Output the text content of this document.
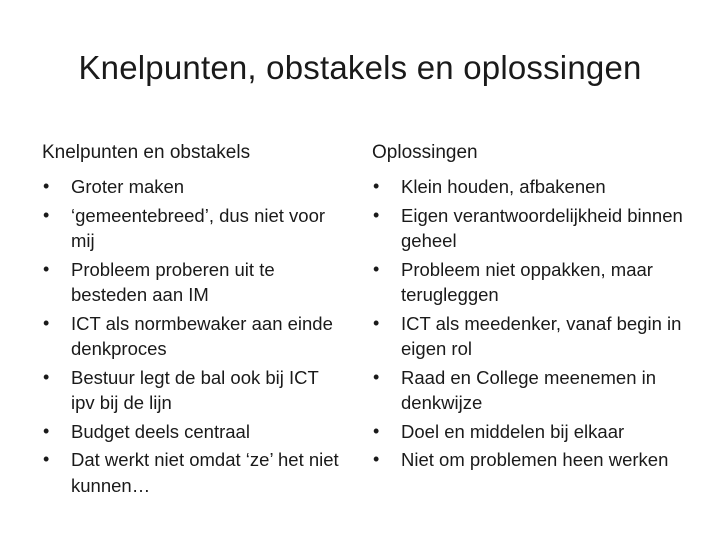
Knelpunten, obstakels en oplossingen
Knelpunten en obstakels
• Groter maken
• ‘gemeentebreed’, dus niet voor mij
• Probleem proberen uit te besteden aan IM
• ICT als normbewaker aan einde denkproces
• Bestuur legt de bal ook bij ICT ipv bij de lijn
• Budget deels centraal
• Dat werkt niet omdat ‘ze’ het niet kunnen…
Oplossingen
• Klein houden, afbakenen
• Eigen verantwoordelijkheid binnen geheel
• Probleem niet oppakken, maar terugleggen
• ICT als meedenker, vanaf begin in eigen rol
• Raad en College meenemen in denkwijze
• Doel en middelen bij elkaar
• Niet om problemen heen werken
